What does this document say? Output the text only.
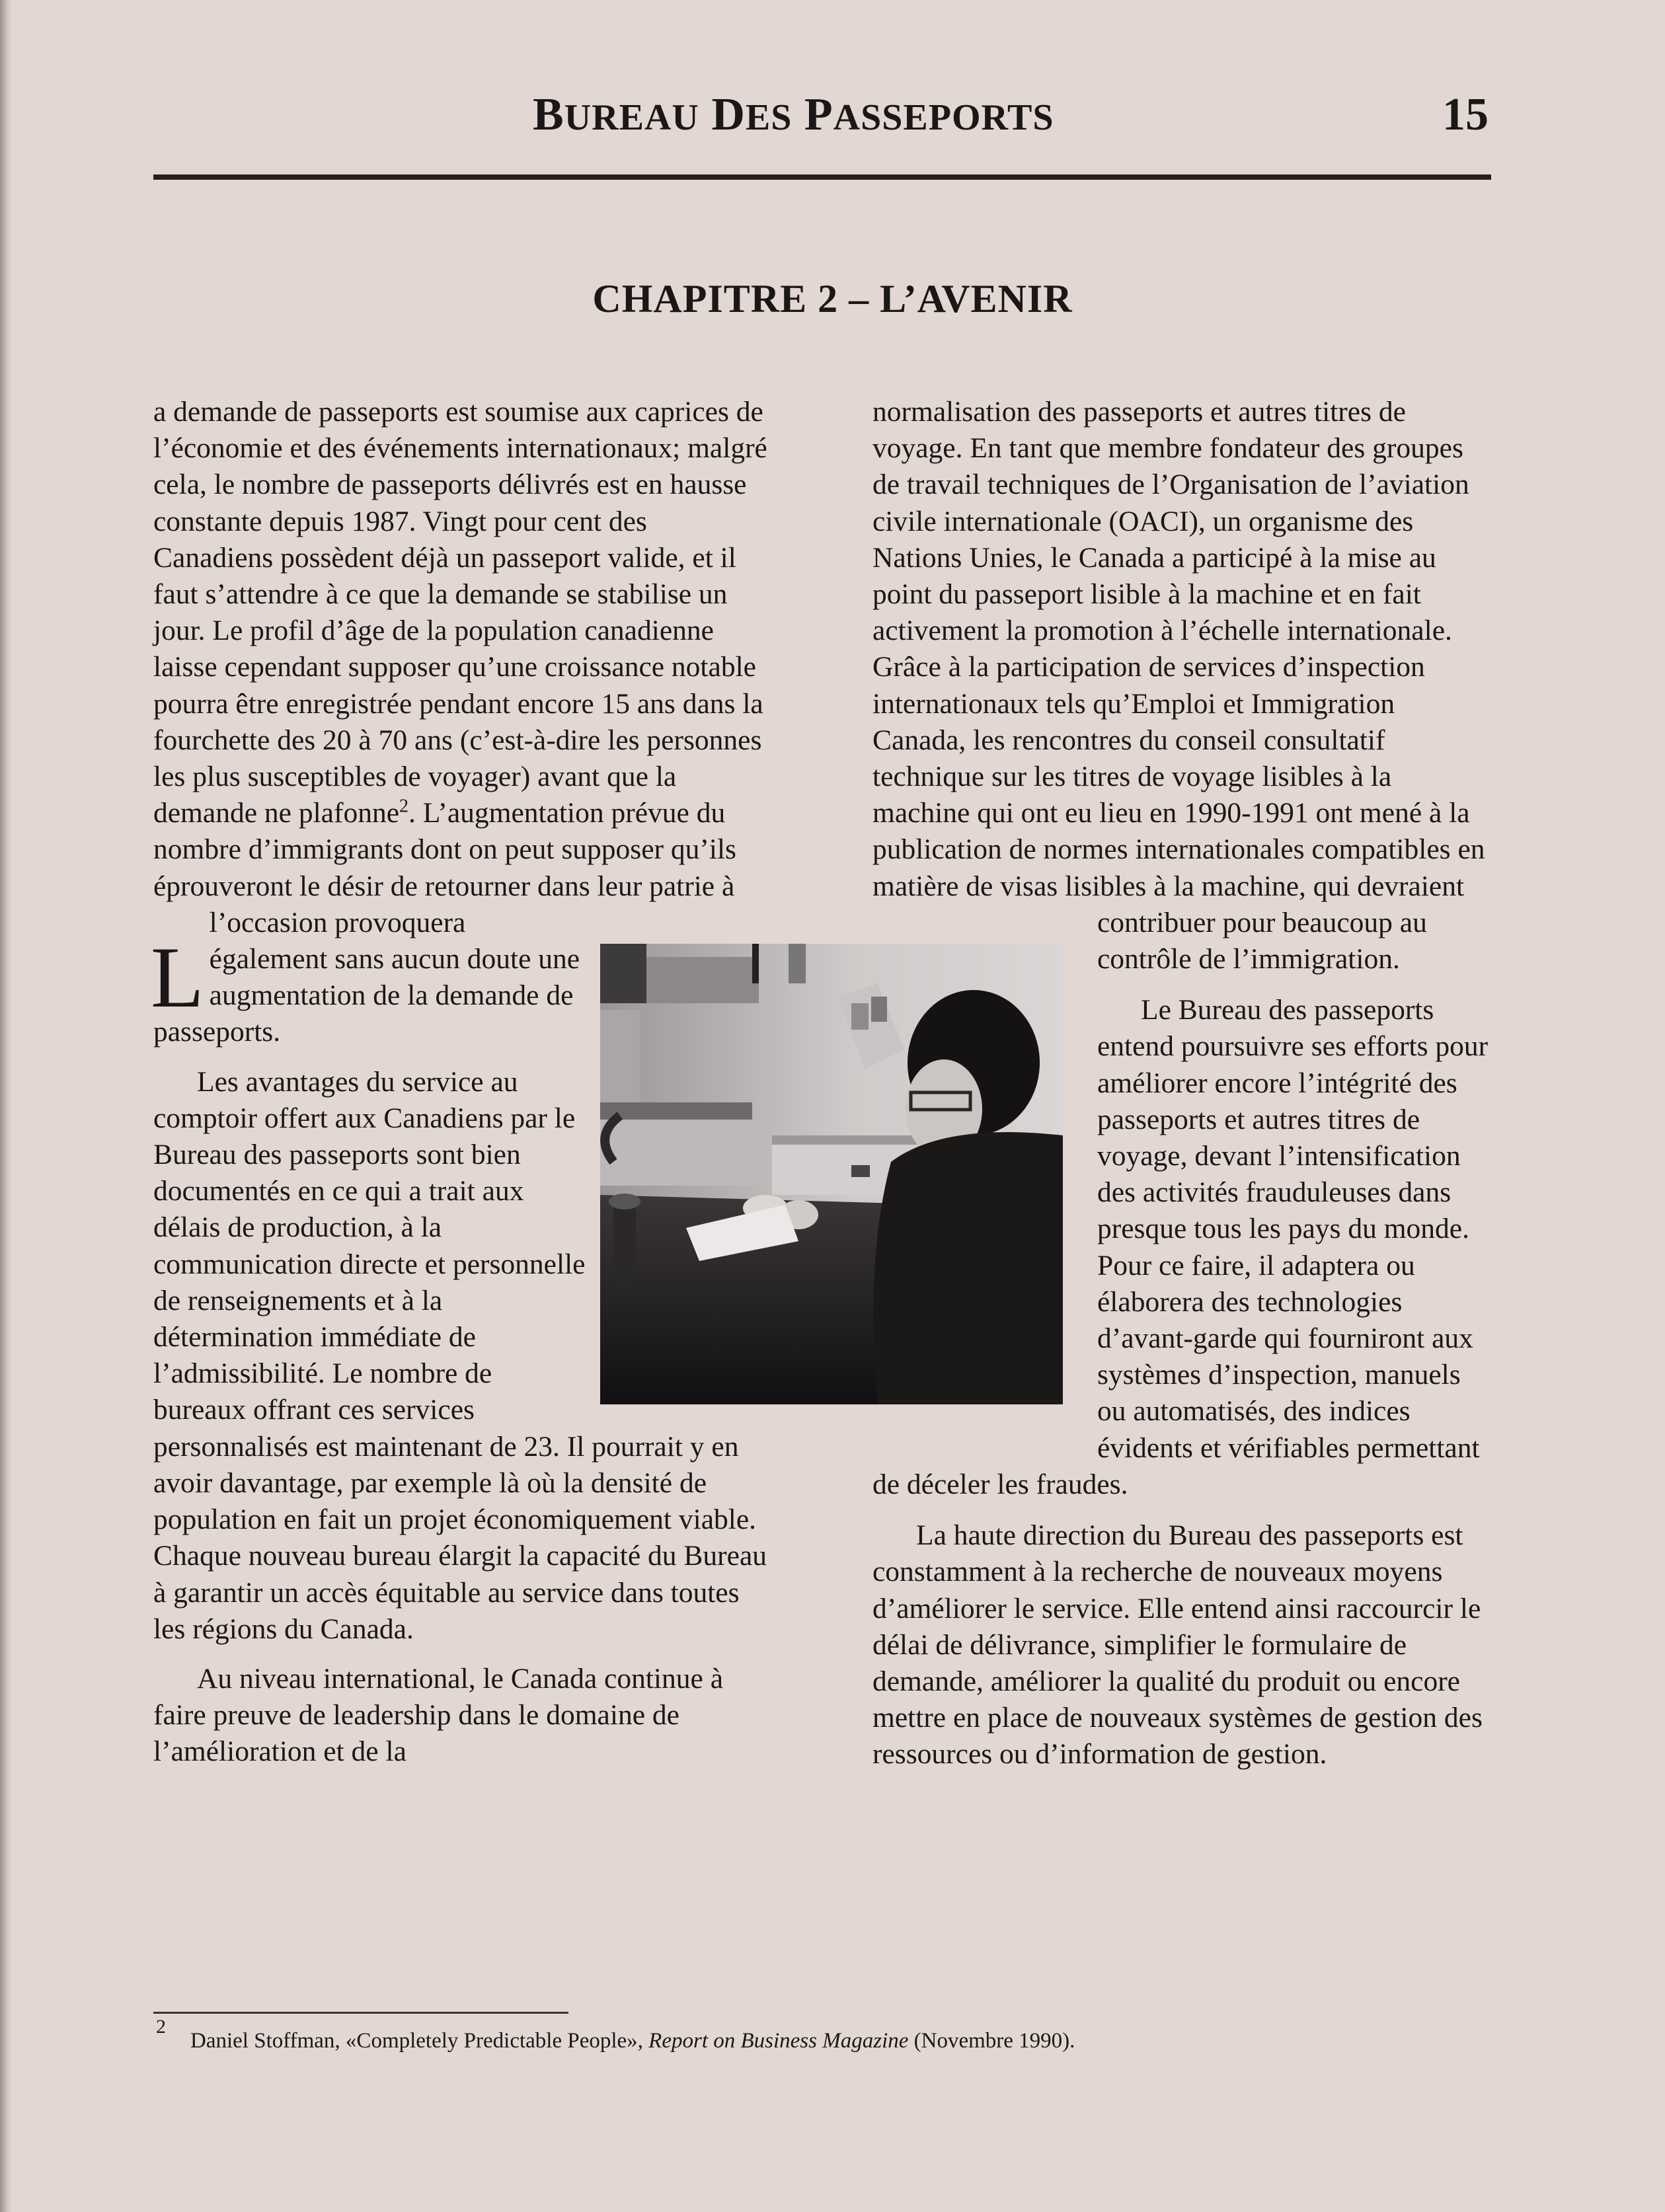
BUREAU DES PASSEPORTS	15
CHAPITRE 2 – L’AVENIR

L
a demande de passeports est soumise aux caprices de l’économie et des événements internationaux; malgré cela, le nombre de passeports délivrés est en hausse constante depuis 1987. Vingt pour cent des Canadiens possèdent déjà un passeport valide, et il faut s’attendre à ce que la demande se stabilise un jour. Le profil d’âge de la population canadienne laisse cependant supposer qu’une croissance notable pourra être enregistrée pendant encore 15 ans dans la fourchette des 20 à 70 ans (c’est-à-dire les personnes les plus susceptibles de voyager) avant que la demande ne plafonne$^2$. L’augmentation prévue du nombre d’immigrants dont on peut supposer qu’ils éprouveront le désir de retourner dans leur patrie à l’occasion provoquera également sans aucun doute une augmentation de la demande de passeports.

Les avantages du service au comptoir offert aux Canadiens par le Bureau des passeports sont bien documentés en ce qui a trait aux délais de production, à la communication directe et personnelle de renseignements et à la détermination immédiate de l’admissibilité. Le nombre de bureaux offrant ces services personnalisés est maintenant de 23. Il pourrait y en avoir davantage, par exemple là où la densité de population en fait un projet économiquement viable. Chaque nouveau bureau élargit la capacité du Bureau à garantir un accès équitable au service dans toutes les régions du Canada.

Au niveau international, le Canada continue à faire preuve de leadership dans le domaine de l’amélioration et de la

normalisation des passeports et autres titres de voyage. En tant que membre fondateur des groupes de travail techniques de l’Organisation de l’aviation civile internationale (OACI), un organisme des Nations Unies, le Canada a participé à la mise au point du passeport lisible à la machine et en fait activement la promotion à l’échelle internationale. Grâce à la participation de services d’inspection internationaux tels qu’Emploi et Immigration Canada, les rencontres du conseil consultatif technique sur les titres de voyage lisibles à la machine qui ont eu lieu en 1990-1991 ont mené à la publication de normes internationales compatibles en matière de visas lisibles à la machine, qui devraient contribuer pour beaucoup au contrôle de l’immigration.

Le Bureau des passeports entend poursuivre ses efforts pour améliorer encore l’intégrité des passeports et autres titres de voyage, devant l’intensification des activités frauduleuses dans presque tous les pays du monde. Pour ce faire, il adaptera ou élaborera des technologies d’avant-garde qui fourniront aux systèmes d’inspection, manuels ou automatisés, des indices évidents et vérifiables permettant de déceler les fraudes.

La haute direction du Bureau des passeports est constamment à la recherche de nouveaux moyens d’améliorer le service. Elle entend ainsi raccourcir le délai de délivrance, simplifier le formulaire de demande, améliorer la qualité du produit ou encore mettre en place de nouveaux systèmes de gestion des ressources ou d’information de gestion.

2
Daniel Stoffman, «Completely Predictable People», Report on Business Magazine (Novembre 1990).
